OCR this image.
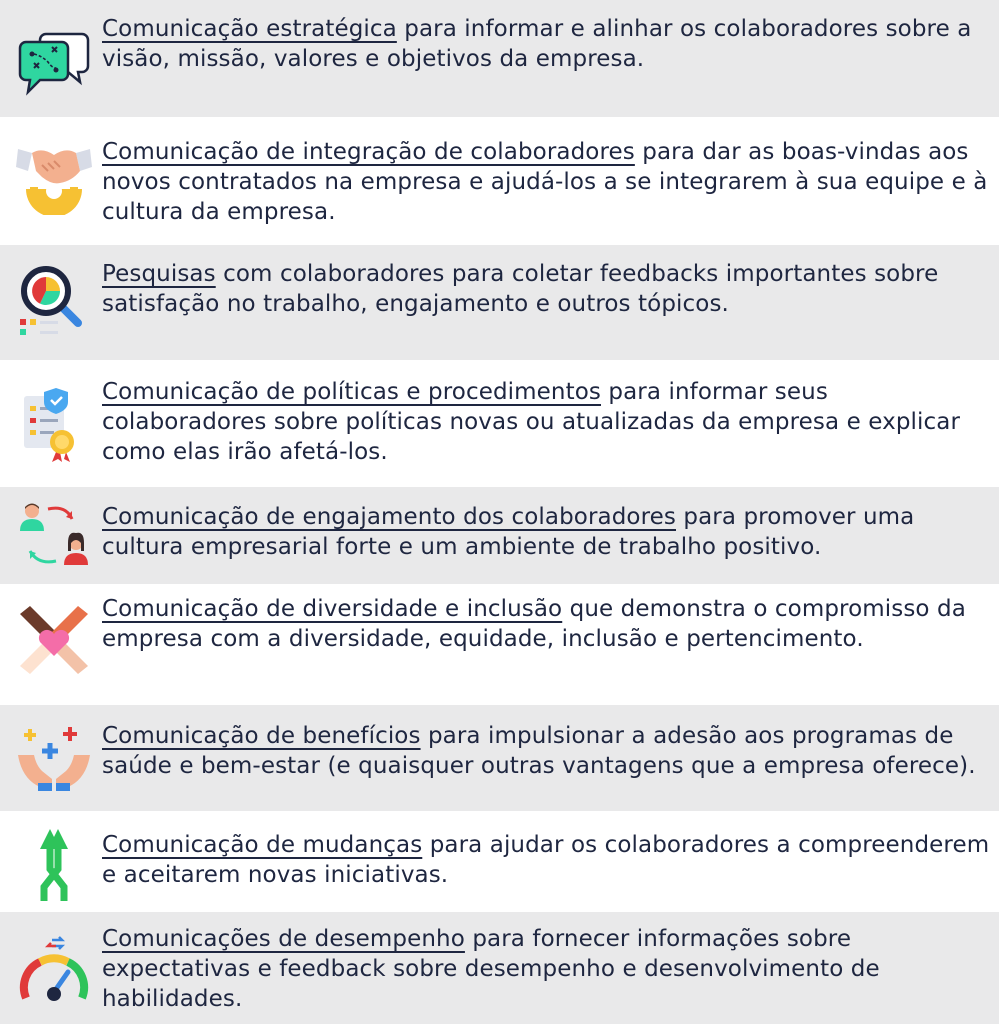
Comunicação estratégica para informar e alinhar os colaboradores sobre a visão, missão, valores e objetivos da empresa.
Comunicação de integração de colaboradores para dar as boas-vindas aos novos contratados na empresa e ajudá-los a se integrarem à sua equipe e à cultura da empresa.
Pesquisas com colaboradores para coletar feedbacks importantes sobre satisfação no trabalho, engajamento e outros tópicos.
Comunicação de políticas e procedimentos para informar seus colaboradores sobre políticas novas ou atualizadas da empresa e explicar como elas irão afetá-los.
Comunicação de engajamento dos colaboradores para promover uma cultura empresarial forte e um ambiente de trabalho positivo.
Comunicação de diversidade e inclusão que demonstra o compromisso da empresa com a diversidade, equidade, inclusão e pertencimento.
Comunicação de benefícios para impulsionar a adesão aos programas de saúde e bem-estar (e quaisquer outras vantagens que a empresa oferece).
Comunicação de mudanças para ajudar os colaboradores a compreenderem e aceitarem novas iniciativas.
Comunicações de desempenho para fornecer informações sobre expectativas e feedback sobre desempenho e desenvolvimento de habilidades.
